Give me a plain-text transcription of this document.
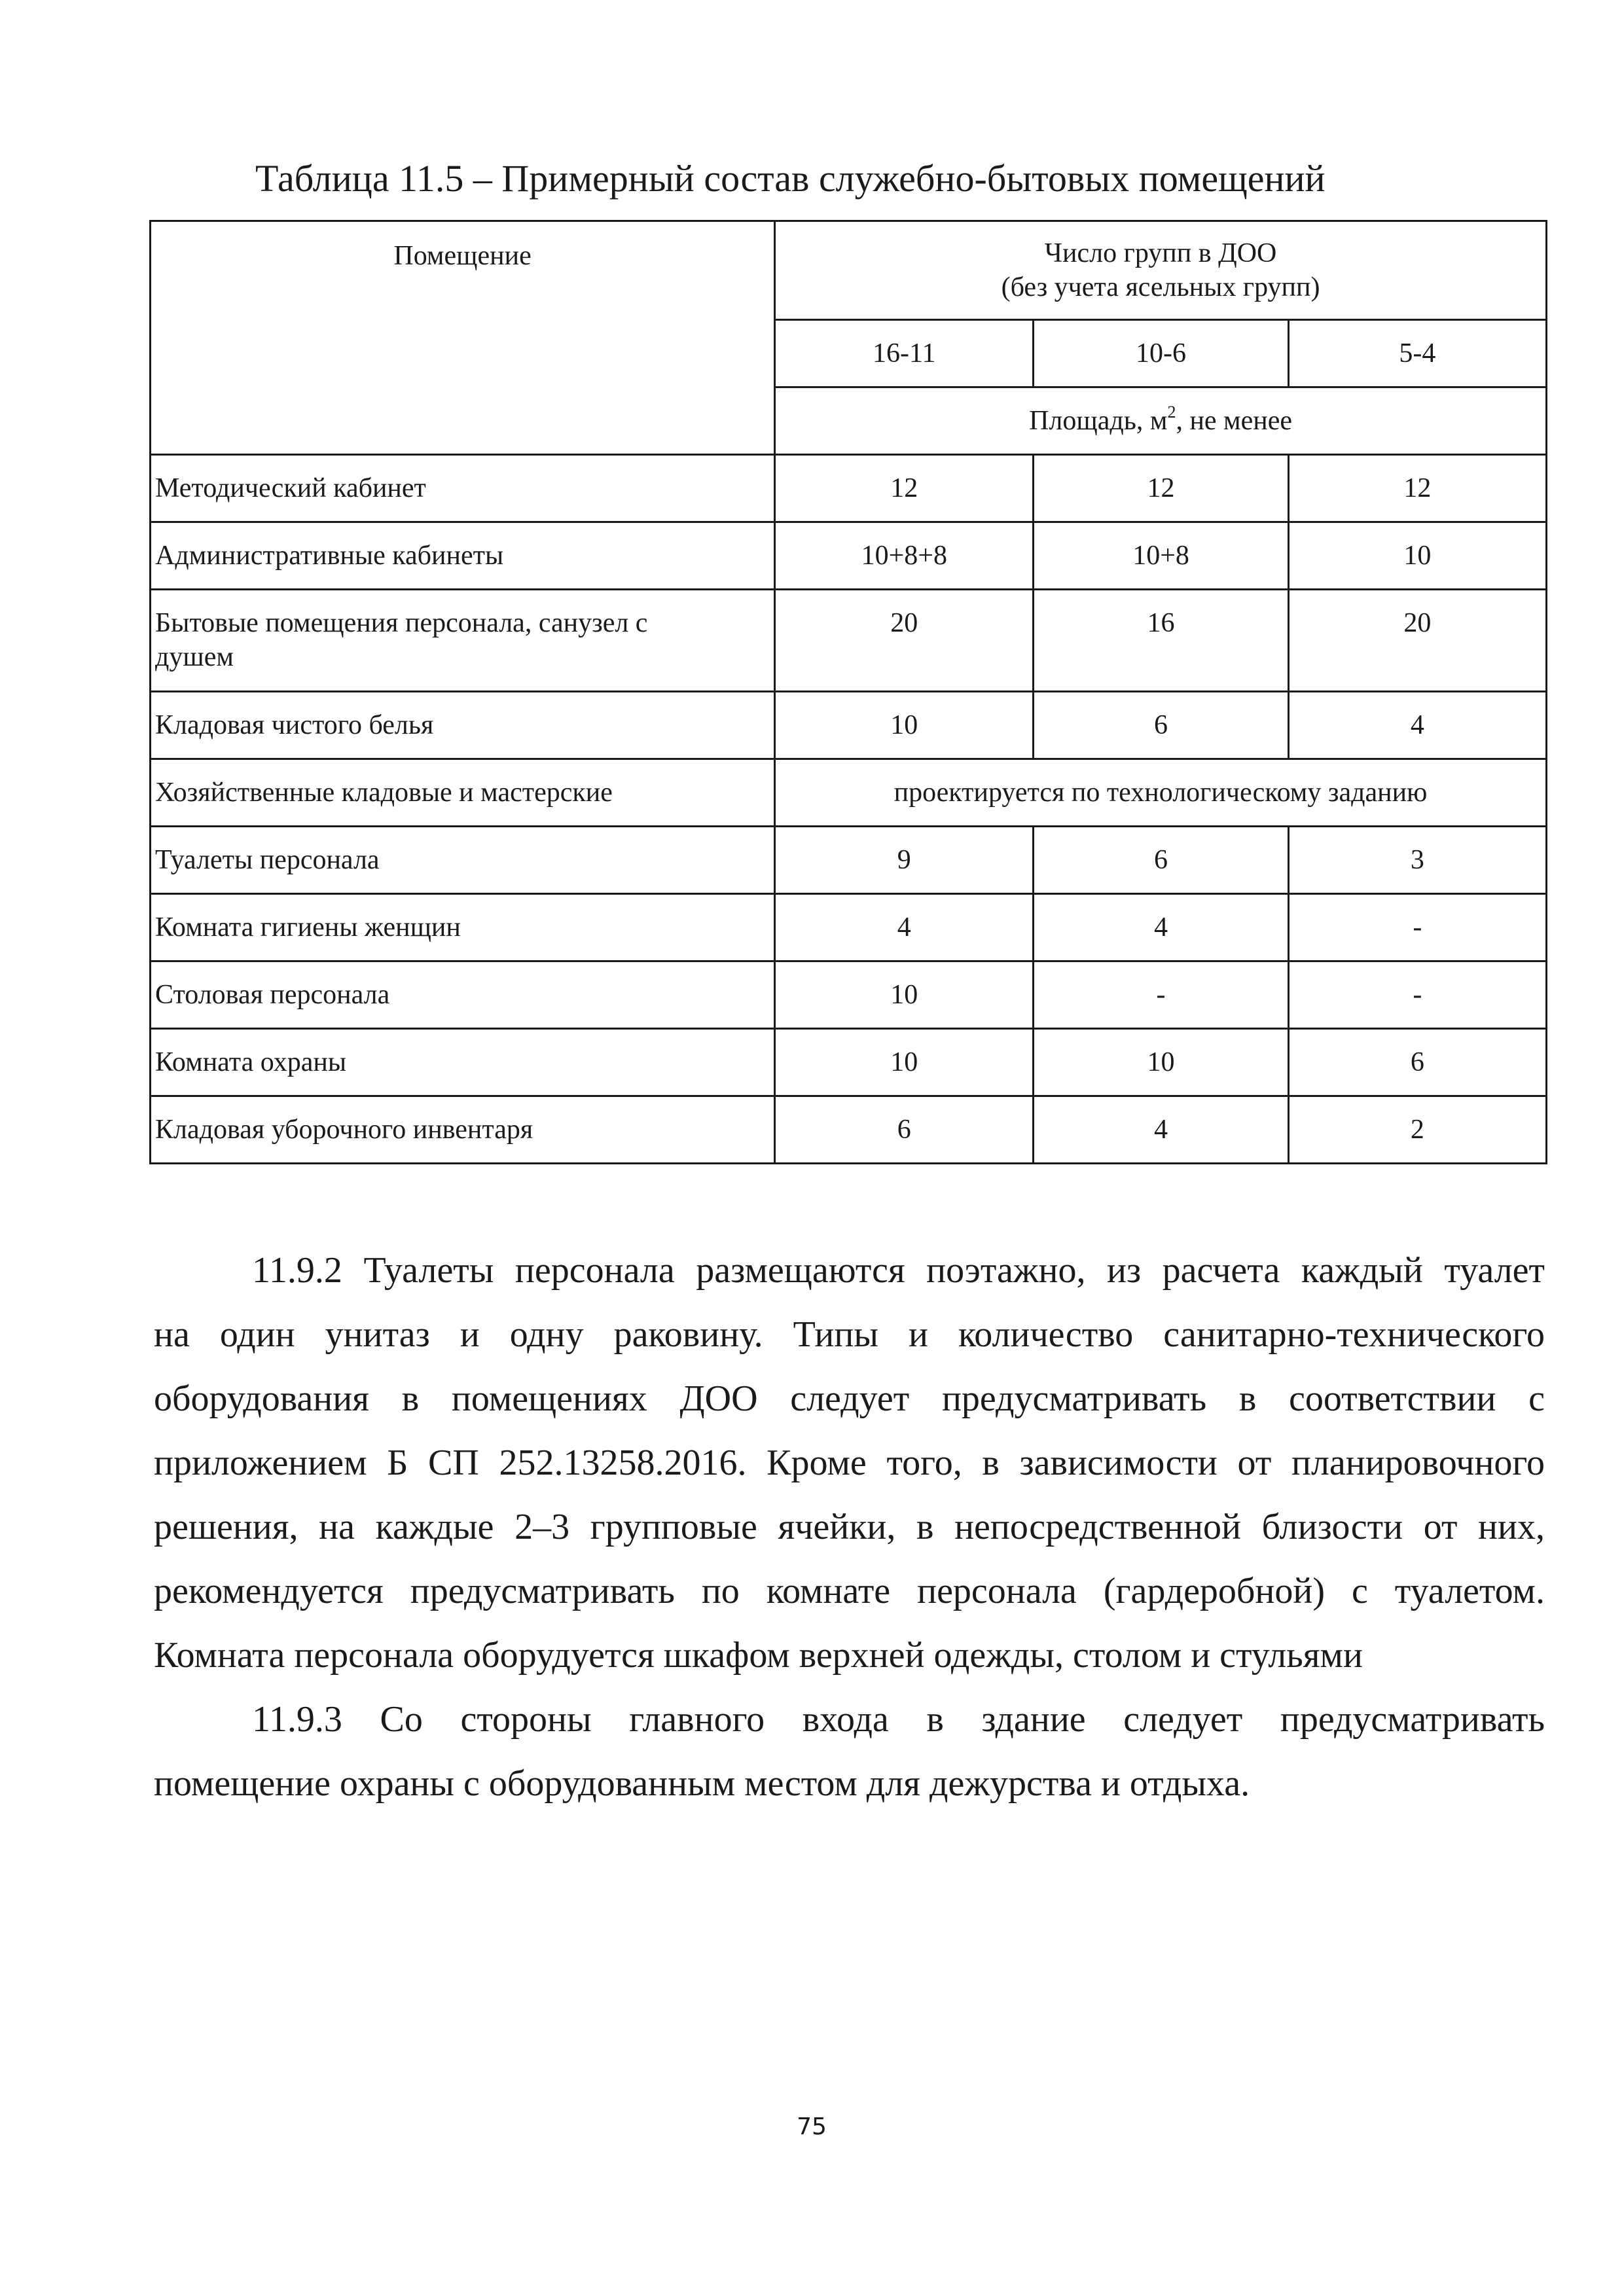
Таблица 11.5 – Примерный состав служебно-бытовых помещений
Помещение	Число групп в ДОО
(без учета ясельных групп)		

	16-11	10-6	5-4
	Площадь, $м^2$, не менее		
Методический кабинет	12	12	12
Административные кабинеты	10+8+8	10+8	10

Бытовые помещения персонала, санузел с
душем	20	16	20
Кладовая чистого белья	10	6	4
Хозяйственные кладовые и мастерские	проектируется по технологическому заданию		
Туалеты персонала	9	6	3
Комната гигиены женщин	4	4	-
Столовая персонала	10	-	-
Комната охраны	10	10	6
Кладовая уборочного инвентаря	6	4	2
11.9.2 Туалеты персонала размещаются поэтажно, из расчета каждый туалет
на один унитаз и одну раковину. Типы и количество санитарно-технического
оборудования в помещениях ДОО следует предусматривать в соответствии с
приложением Б СП 252.13258.2016. Кроме того, в зависимости от планировочного
решения, на каждые 2–3 групповые ячейки, в непосредственной близости от них,
рекомендуется предусматривать по комнате персонала (гардеробной) с туалетом.
Комната персонала оборудуется шкафом верхней одежды, столом и стульями
11.9.3 Со стороны главного входа в здание следует предусматривать
помещение охраны с оборудованным местом для дежурства и отдыха.
75
